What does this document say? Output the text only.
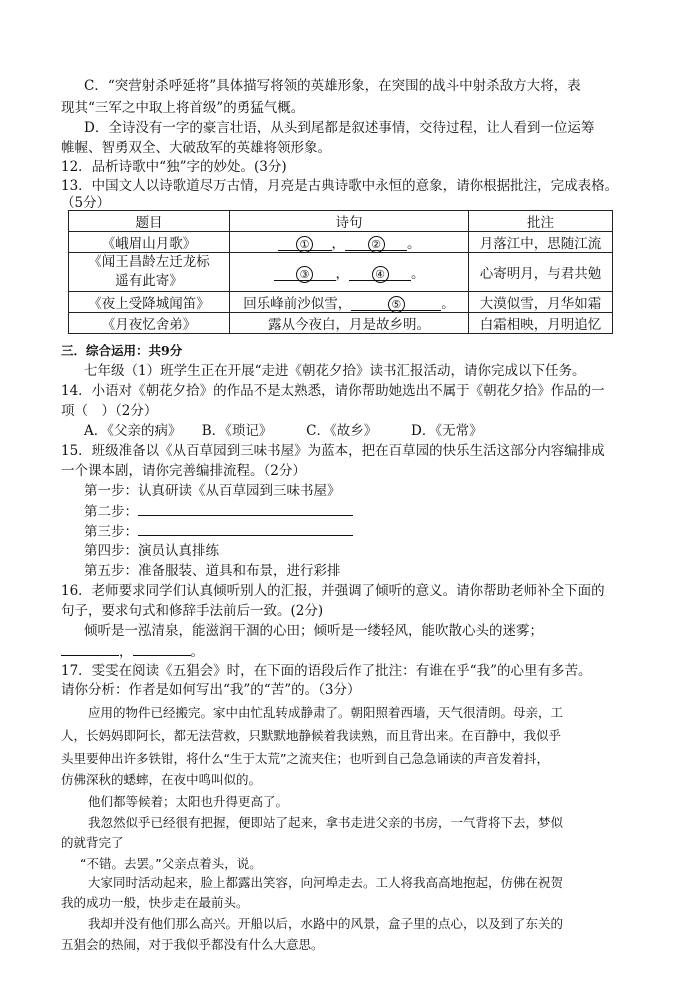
C．“突营射杀呼延将”具体描写将领的英雄形象，在突围的战斗中射杀敌方大将，表
现其“三军之中取上将首级”的勇猛气概。
D．全诗没有一字的豪言壮语，从头到尾都是叙述事情，交待过程，让人看到一位运筹
帷幄、智勇双全、大破敌军的英雄将领形象。
12．品析诗歌中“独”字的妙处。(3分)
13．中国文人以诗歌道尽万古情，月亮是古典诗歌中永恒的意象，请你根据批注，完成表格。
（5分）
题目	诗句	批注
《峨眉山月歌》	① ， ② 。	月落江中，思随江流
《闻王昌龄左迁龙标
遥有此寄》	③ ， ④ 。	心寄明月，与君共勉
《夜上受降城闻笛》	回乐峰前沙似雪， ⑤ 。	大漠似雪，月华如霜
《月夜忆舍弟》	露从今夜白，月是故乡明。	白霜相映，月明追忆
三．综合运用：共9分
七年级（1）班学生正在开展“走进《朝花夕拾》读书汇报活动，请你完成以下任务。
14．小语对《朝花夕拾》的作品不是太熟悉，请你帮助她选出不属于《朝花夕拾》作品的一
项（　）（2分）
A．《父亲的病》　　B．《琐记》　　　C．《故乡》　　　D．《无常》
15．班级准备以《从百草园到三味书屋》为蓝本，把在百草园的快乐生活这部分内容编排成
一个课本剧，请你完善编排流程。（2分）
第一步：认真研读《从百草园到三味书屋》
第二步：
第三步：
第四步：演员认真排练
第五步：准备服装、道具和布景，进行彩排
16．老师要求同学们认真倾听别人的汇报，并强调了倾听的意义。请你帮助老师补全下面的
句子，要求句式和修辞手法前后一致。(2分)
倾听是一泓清泉，能滋润干涸的心田；倾听是一缕轻风，能吹散心头的迷雾；
，	。
17．雯雯在阅读《五猖会》时，在下面的语段后作了批注：有谁在乎“我”的心里有多苦。
请你分析：作者是如何写出“我”的“苦”的。（3分）
应用的物件已经搬完。家中由忙乱转成静肃了。朝阳照着西墙，天气很清朗。母亲，工
人，长妈妈即阿长，都无法营救，只默默地静候着我读熟，而且背出来。在百静中，我似乎
头里要伸出许多铁钳，将什么“生于太荒”之流夹住；也听到自己急急诵读的声音发着抖，
仿佛深秋的蟋蟀，在夜中鸣叫似的。
他们都等候着；太阳也升得更高了。
我忽然似乎已经很有把握，便即站了起来，拿书走进父亲的书房，一气背将下去，梦似
的就背完了
“不错。去罢。”父亲点着头，说。
大家同时活动起来，脸上都露出笑容，向河埠走去。工人将我高高地抱起，仿佛在祝贺
我的成功一般，快步走在最前头。
我却并没有他们那么高兴。开船以后，水路中的风景，盒子里的点心，以及到了东关的
五猖会的热闹，对于我似乎都没有什么大意思。
